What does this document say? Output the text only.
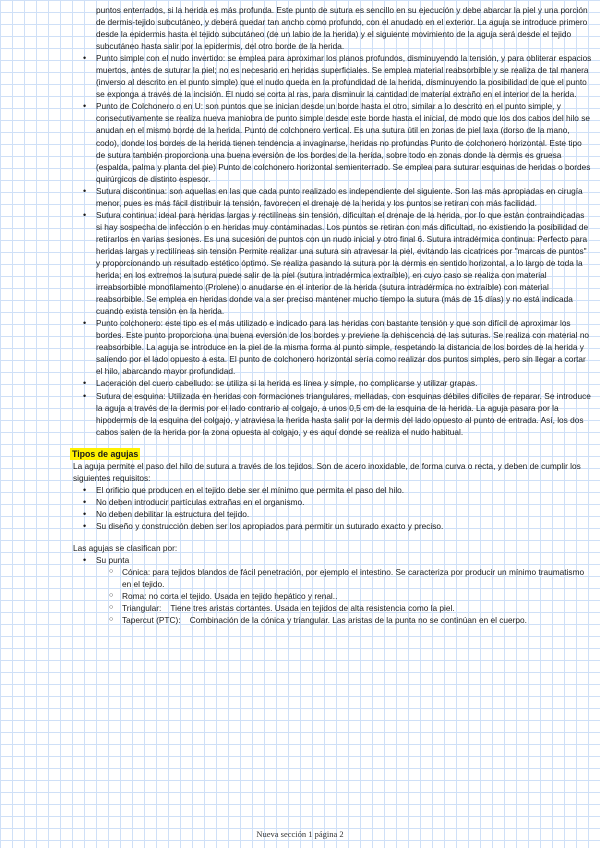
puntos enterrados, si la herida es más profunda. Este punto de sutura es sencillo en su ejecución y debe abarcar la piel y una porción de dermis-tejido subcutáneo, y deberá quedar tan ancho como profundo, con el anudado en el exterior. La aguja se introduce primero desde la epidermis hasta el tejido subcutáneo (de un labio de la herida) y el siguiente movimiento de la aguja será desde el tejido subcutáneo hasta salir por la epidermis, del otro borde de la herida.

• Punto simple con el nudo invertido: se emplea para aproximar los planos profundos, disminuyendo la tensión, y para obliterar espacios muertos, antes de suturar la piel; no es necesario en heridas superficiales. Se emplea material reabsorbible y se realiza de tal manera (inverso al descrito en el punto simple) que el nudo queda en la profundidad de la herida, disminuyendo la posibilidad de que el punto se exponga a través de la incisión. El nudo se corta al ras, para disminuir la cantidad de material extraño en el interior de la herida.
• Punto de Colchonero o en U: son puntos que se inician desde un borde hasta el otro, similar a lo descrito en el punto simple, y consecutivamente se realiza nueva maniobra de punto simple desde este borde hasta el inicial, de modo que los dos cabos del hilo se anudan en el mismo borde de la herida. Punto de colchonero vertical. Es una sutura útil en zonas de piel laxa (dorso de la mano, codo), donde los bordes de la herida tienen tendencia a invaginarse, heridas no profundas Punto de colchonero horizontal. Este tipo de sutura también proporciona una buena eversión de los bordes de la herida, sobre todo en zonas donde la dermis es gruesa (espalda, palma y planta del pie) Punto de colchonero horizontal semienterrado. Se emplea para suturar esquinas de heridas o bordes quirúrgicos de distinto espesor.
• Sutura discontinua: son aquellas en las que cada punto realizado es independiente del siguiente. Son las más apropiadas en cirugía menor, pues es más fácil distribuir la tensión, favorecen el drenaje de la herida y los puntos se retiran con más facilidad.
• Sutura continua: ideal para heridas largas y rectilíneas sin tensión, dificultan el drenaje de la herida, por lo que están contraindicadas si hay sospecha de infección o en heridas muy contaminadas. Los puntos se retiran con más dificultad, no existiendo la posibilidad de retirarlos en varias sesiones. Es una sucesión de puntos con un nudo inicial y otro final 6. Sutura intradérmica continua: Perfecto para heridas largas y rectilíneas sin tensión Permite realizar una sutura sin atravesar la piel, evitando las cicatrices por "marcas de puntos" y proporcionando un resultado estético óptimo. Se realiza pasando la sutura por la dermis en sentido horizontal, a lo largo de toda la herida; en los extremos la sutura puede salir de la piel (sutura intradérmica extraíble), en cuyo caso se realiza con material irreabsorbible monofilamento (Prolene) o anudarse en el interior de la herida (sutura intradérmica no extraíble) con material reabsorbible. Se emplea en heridas donde va a ser preciso mantener mucho tiempo la sutura (más de 15 días) y no está indicada cuando exista tensión en la herida.
• Punto colchonero: este tipo es el más utilizado e indicado para las heridas con bastante tensión y que son difícil de aproximar los bordes. Este punto proporciona una buena eversión de los bordes y previene la dehiscencia de las suturas. Se realiza con material no reabsorbible. La aguja se introduce en la piel de la misma forma al punto simple, respetando la distancia de los bordes de la herida y saliendo por el lado opuesto a esta. El punto de colchonero horizontal sería como realizar dos puntos simples, pero sin llegar a cortar el hilo, abarcando mayor profundidad.
• Laceración del cuero cabelludo: se utiliza si la herida es línea y simple, no complicarse y utilizar grapas.
• Sutura de esquina: Utilizada en heridas con formaciones triangulares, melladas, con esquinas débiles difíciles de reparar. Se introduce la aguja a través de la dermis por el lado contrario al colgajo, a unos 0,5 cm de la esquina de la herida. La aguja pasara por la hipodermis de la esquina del colgajo, y atraviesa la herida hasta salir por la dermis del lado opuesto al punto de entrada. Así, los dos cabos salen de la herida por la zona opuesta al colgajo, y es aquí donde se realiza el nudo habitual.
Tipos de agujas

La aguja permite el paso del hilo de sutura a través de los tejidos. Son de acero inoxidable, de forma curva o recta, y deben de cumplir los siguientes requisitos:

• El orificio que producen en el tejido debe ser el mínimo que permita el paso del hilo.
• No deben introducir partículas extrañas en el organismo.
• No deben debilitar la estructura del tejido.
• Su diseño y construcción deben ser los apropiados para permitir un suturado exacto y preciso.

Las agujas se clasifican por:

• Su punta
○ Cónica: para tejidos blandos de fácil penetración, por ejemplo el intestino. Se caracteriza por producir un mínimo traumatismo en el tejido.
○ Roma: no corta el tejido. Usada en tejido hepático y renal..
○ Triangular:    Tiene tres aristas cortantes. Usada en tejidos de alta resistencia como la piel.
○ Tapercut (PTC):    Combinación de la cónica y triangular. Las aristas de la punta no se continúan en el cuerpo.
Nueva sección 1 página 2
